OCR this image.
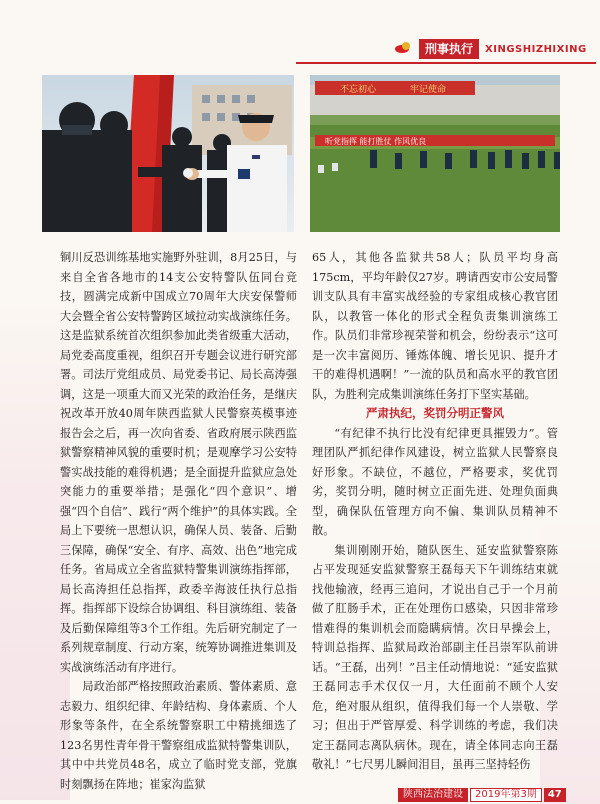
刑事执行	XINGSHIZHIXING
不忘初心	牢记使命
听党指挥 能打胜仗 作风优良

铜川反恐训练基地实施野外驻训，8月25日，与来自全省各地市的14支公安特警队伍同台竞技，圆满完成新中国成立70周年大庆安保警师大会暨全省公安特警跨区域拉动实战演练任务。这是监狱系统首次组织参加此类省级重大活动，局党委高度重视，组织召开专题会议进行研究部署。司法厅党组成员、局党委书记、局长高涛强调，这是一项重大而又光荣的政治任务，是继庆祝改革开放40周年陕西监狱人民警察英模事迹报告会之后，再一次向省委、省政府展示陕西监狱警察精神风貌的重要时机；是观摩学习公安特警实战技能的难得机遇；是全面提升监狱应急处突能力的重要举措；是强化“四个意识”、增强“四个自信”、践行“两个维护”的具体实践。全局上下要统一思想认识，确保人员、装备、后勤三保障，确保“安全、有序、高效、出色”地完成任务。省局成立全省监狱特警集训演练指挥部，局长高涛担任总指挥，政委辛海波任执行总指挥。指挥部下设综合协调组、科目演练组、装备及后勤保障组等3个工作组。先后研究制定了一系列规章制度、行动方案，统筹协调推进集训及实战演练活动有序进行。

局政治部严格按照政治素质、警体素质、意志毅力、组织纪律、年龄结构、身体素质、个人形象等条件，在全系统警察职工中精挑细选了123名男性青年骨干警察组成监狱特警集训队，其中中共党员48名，成立了临时党支部，党旗时刻飘扬在阵地；崔家沟监狱

65人，其他各监狱共58人；队员平均身高175cm，平均年龄仅27岁。聘请西安市公安局警训支队具有丰富实战经验的专家组成核心教官团队，以教管一体化的形式全程负责集训演练工作。队员们非常珍视荣誉和机会，纷纷表示“这可是一次丰富阅历、锤炼体魄、增长见识、提升才干的难得机遇啊！”一流的队员和高水平的教官团队，为胜利完成集训演练任务打下坚实基础。

严肃执纪，奖罚分明正警风

“有纪律不执行比没有纪律更具摧毁力”。管理团队严抓纪律作风建设，树立监狱人民警察良好形象。不缺位，不越位，严格要求，奖优罚劣，奖罚分明，随时树立正面先进、处理负面典型，确保队伍管理方向不偏、集训队员精神不散。

集训刚刚开始，随队医生、延安监狱警察陈占平发现延安监狱警察王磊每天下午训练结束就找他输液，经再三追问，才说出自己于一个月前做了肛肠手术，正在处理伤口感染，只因非常珍惜难得的集训机会而隐瞒病情。次日早操会上，特训总指挥、监狱局政治部副主任吕崇军队前讲话。“王磊，出列！”吕主任动情地说：“延安监狱王磊同志手术仅仅一月，大任面前不顾个人安危，绝对服从组织，值得我们每一个人崇敬、学习；但出于严管厚爱、科学训练的考虑，我们决定王磊同志离队病休。现在，请全体同志向王磊敬礼！”七尺男儿瞬间泪目，虽再三坚持轻伤

陕西法治建设	2019年第3期	47
